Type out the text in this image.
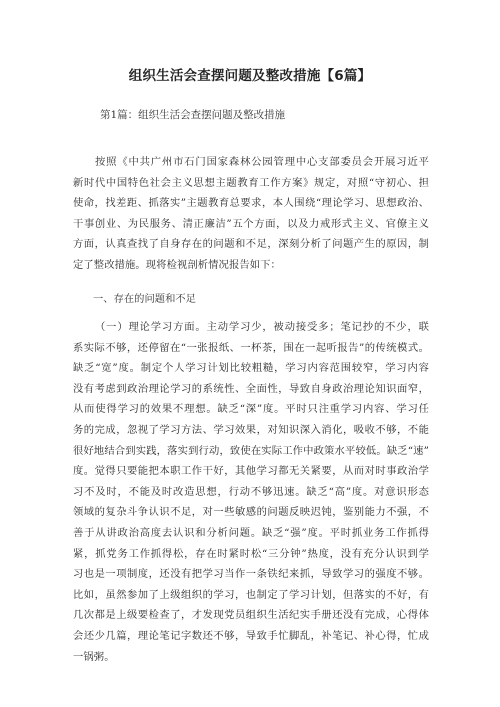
组织生活会查摆问题及整改措施【6篇】
第1篇：组织生活会查摆问题及整改措施
按照《中共广州市石门国家森林公园管理中心支部委员会开展习近平
新时代中国特色社会主义思想主题教育工作方案》规定，对照“守初心、担
使命，找差距、抓落实”主题教育总要求，本人围绕“理论学习、思想政治、
干事创业、为民服务、清正廉洁”五个方面，以及力戒形式主义、官僚主义
方面，认真查找了自身存在的问题和不足，深刻分析了问题产生的原因，制
定了整改措施。现将检视剖析情况报告如下：
一、存在的问题和不足
（一）理论学习方面。主动学习少，被动接受多；笔记抄的不少，联
系实际不够，还停留在“一张报纸、一杯茶，围在一起听报告”的传统模式。
缺乏“宽”度。制定个人学习计划比较粗糙，学习内容范围较窄，学习内容
没有考虑到政治理论学习的系统性、全面性，导致自身政治理论知识面窄，
从而使得学习的效果不理想。缺乏“深”度。平时只注重学习内容、学习任
务的完成，忽视了学习方法、学习效果，对知识深入消化，吸收不够，不能
很好地结合到实践，落实到行动，致使在实际工作中政策水平较低。缺乏“速”
度。觉得只要能把本职工作干好，其他学习都无关紧要，从而对时事政治学
习不及时，不能及时改造思想，行动不够迅速。缺乏“高”度。对意识形态
领域的复杂斗争认识不足，对一些敏感的问题反映迟钝，鉴别能力不强，不
善于从讲政治高度去认识和分析问题。缺乏“强”度。平时抓业务工作抓得
紧，抓党务工作抓得松，存在时紧时松“三分钟”热度，没有充分认识到学
习也是一项制度，还没有把学习当作一条铁纪来抓，导致学习的强度不够。
比如，虽然参加了上级组织的学习，也制定了学习计划，但落实的不好，有
几次都是上级要检查了，才发现党员组织生活纪实手册还没有完成，心得体
会还少几篇，理论笔记字数还不够，导致手忙脚乱，补笔记、补心得，忙成
一锅粥。
